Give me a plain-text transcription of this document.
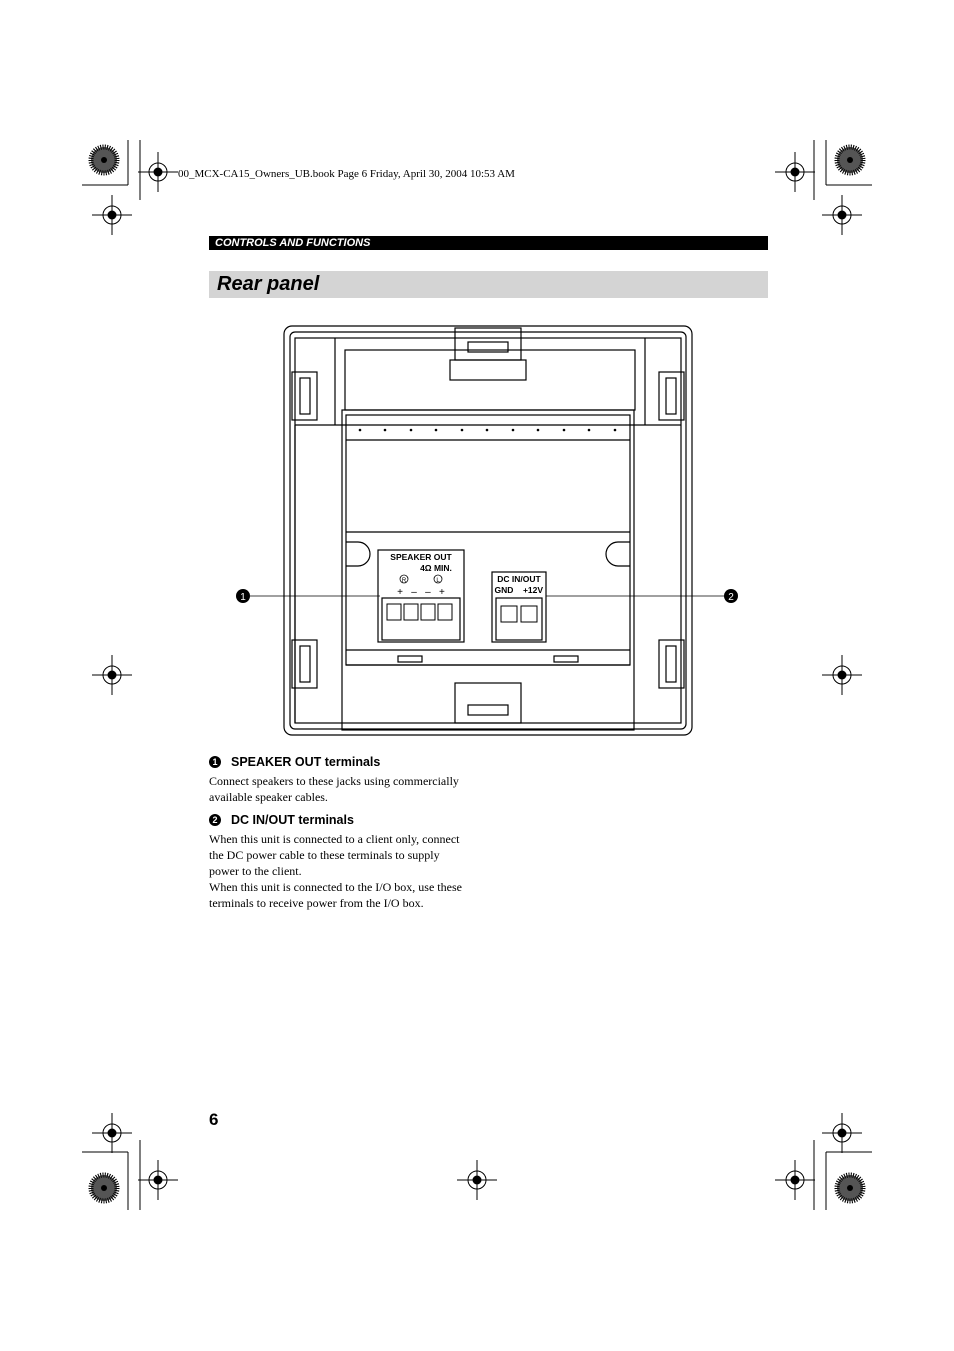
00_MCX-CA15_Owners_UB.book Page 6 Friday, April 30, 2004 10:53 AM
CONTROLS AND FUNCTIONS
Rear panel
1	2
SPEAKER OUT
4Ω MIN.
R	L
+   –   –   +
DC IN/OUT
GND +12V
1 SPEAKER OUT terminals

Connect speakers to these jacks using commercially
available speaker cables.

2 DC IN/OUT terminals

When this unit is connected to a client only, connect
the DC power cable to these terminals to supply
power to the client.
When this unit is connected to the I/O box, use these
terminals to receive power from the I/O box.

6
